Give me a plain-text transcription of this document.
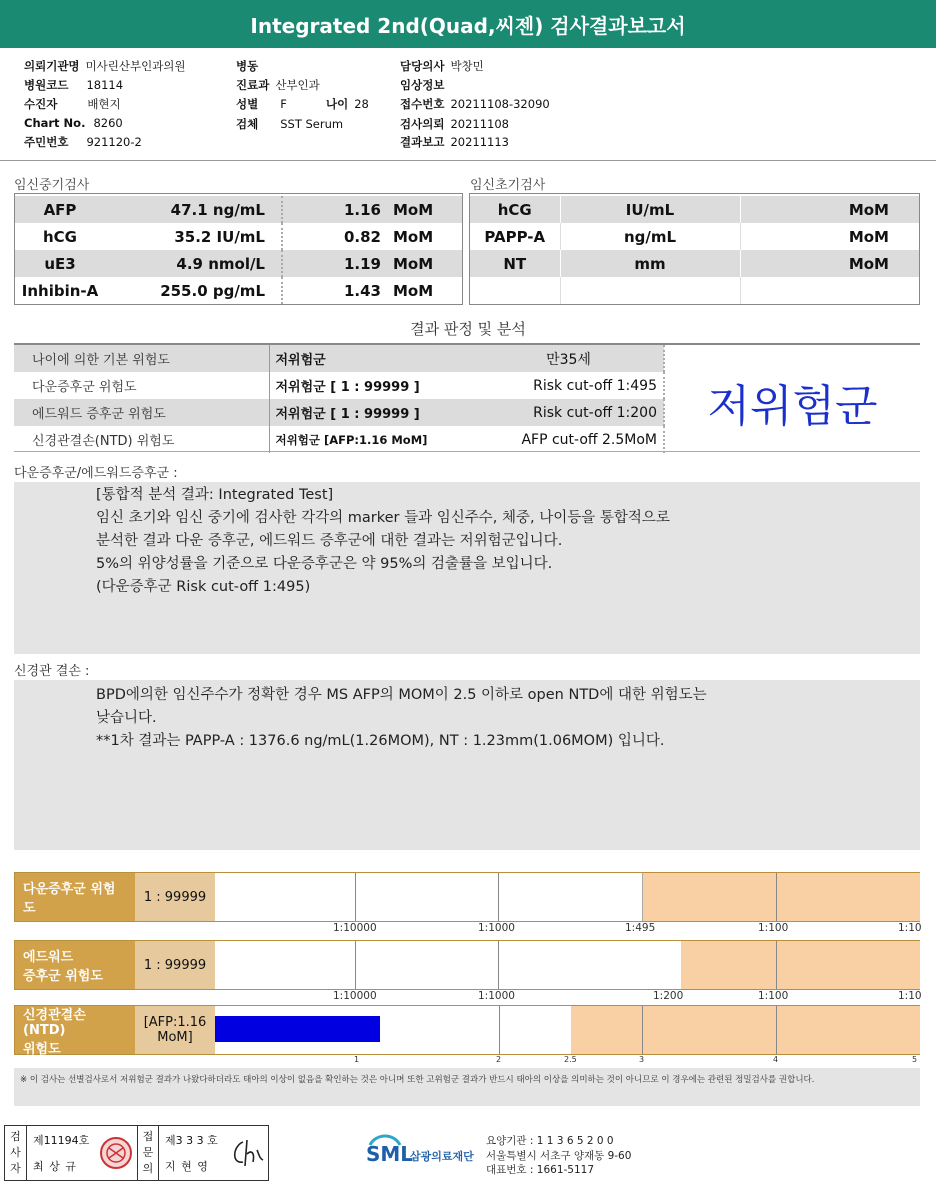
Integrated 2nd(Quad,씨젠) 검사결과보고서
의뢰기관명 미사린산부인과의원
병원코드 18114
수진자	배현지
Chart No. 8260
주민번호 921120-2
병동
진료과 산부인과
성별 F	나이 28
검체 SST Serum
담당의사 박창민
임상정보
접수번호 20211108-32090
검사의뢰 20211108
결과보고 20211113
임신중기검사
AFP	47.1 ng/mL	1.16	MoM
hCG	35.2 IU/mL	0.82	MoM
uE3	4.9 nmol/L	1.19	MoM
Inhibin-A	255.0 pg/mL	1.43	MoM
임신초기검사
hCG	IU/mL	MoM
PAPP-A	ng/mL	MoM
NT	mm	MoM

결과 판정 및 분석
나이에 의한 기본 위험도	저위험군	만35세
다운증후군 위험도	저위험군 [ 1 : 99999 ]	Risk cut-off 1:495
에드워드 증후군 위험도	저위험군 [ 1 : 99999 ]	Risk cut-off 1:200
신경관결손(NTD) 위험도	저위험군 [AFP:1.16 MoM]	AFP cut-off 2.5MoM
저위험군
다운증후군/에드워드증후군 :
[통합적 분석 결과: Integrated Test]
임신 초기와 임신 중기에 검사한 각각의 marker 들과 임신주수, 체중, 나이등을 통합적으로
분석한 결과 다운 증후군, 에드워드 증후군에 대한 결과는 저위험군입니다.
5%의 위양성률을 기준으로 다운증후군은 약 95%의 검출률을 보입니다.
(다운증후군 Risk cut-off 1:495)
신경관 결손 :
BPD에의한 임신주수가 정확한 경우 MS AFP의 MOM이 2.5 이하로 open NTD에 대한 위험도는
낮습니다.
**1차 결과는 PAPP-A : 1376.6 ng/mL(1.26MOM), NT : 1.23mm(1.06MOM) 입니다.
다운증후군 위험도
1 : 99999
1:10000	1:1000	1:495	1:100	1:10
에드워드
증후군 위험도
1 : 99999
1:10000	1:1000	1:200	1:100	1:10
신경관결손(NTD)
위험도
[AFP:1.16
MoM]
1	2	2.5	3	4	5
※ 이 검사는 선별검사로서 저위험군 결과가 나왔다하더라도 태아의 이상이 없음을 확인하는 것은 아니며 또한 고위험군 결과가 반드시 태아의 이상을 의미하는 것이 아니므로 이 경우에는 관련된 정밀검사를 권합니다.
검
사
자
제11194호
최 상 규
접
문
의
제3 3 3 호
지 현 영
SML
삼광의료재단
요양기관 : 1 1 3 6 5 2 0 0
서울특별시 서초구 양재동 9-60
대표번호 : 1661-5117
